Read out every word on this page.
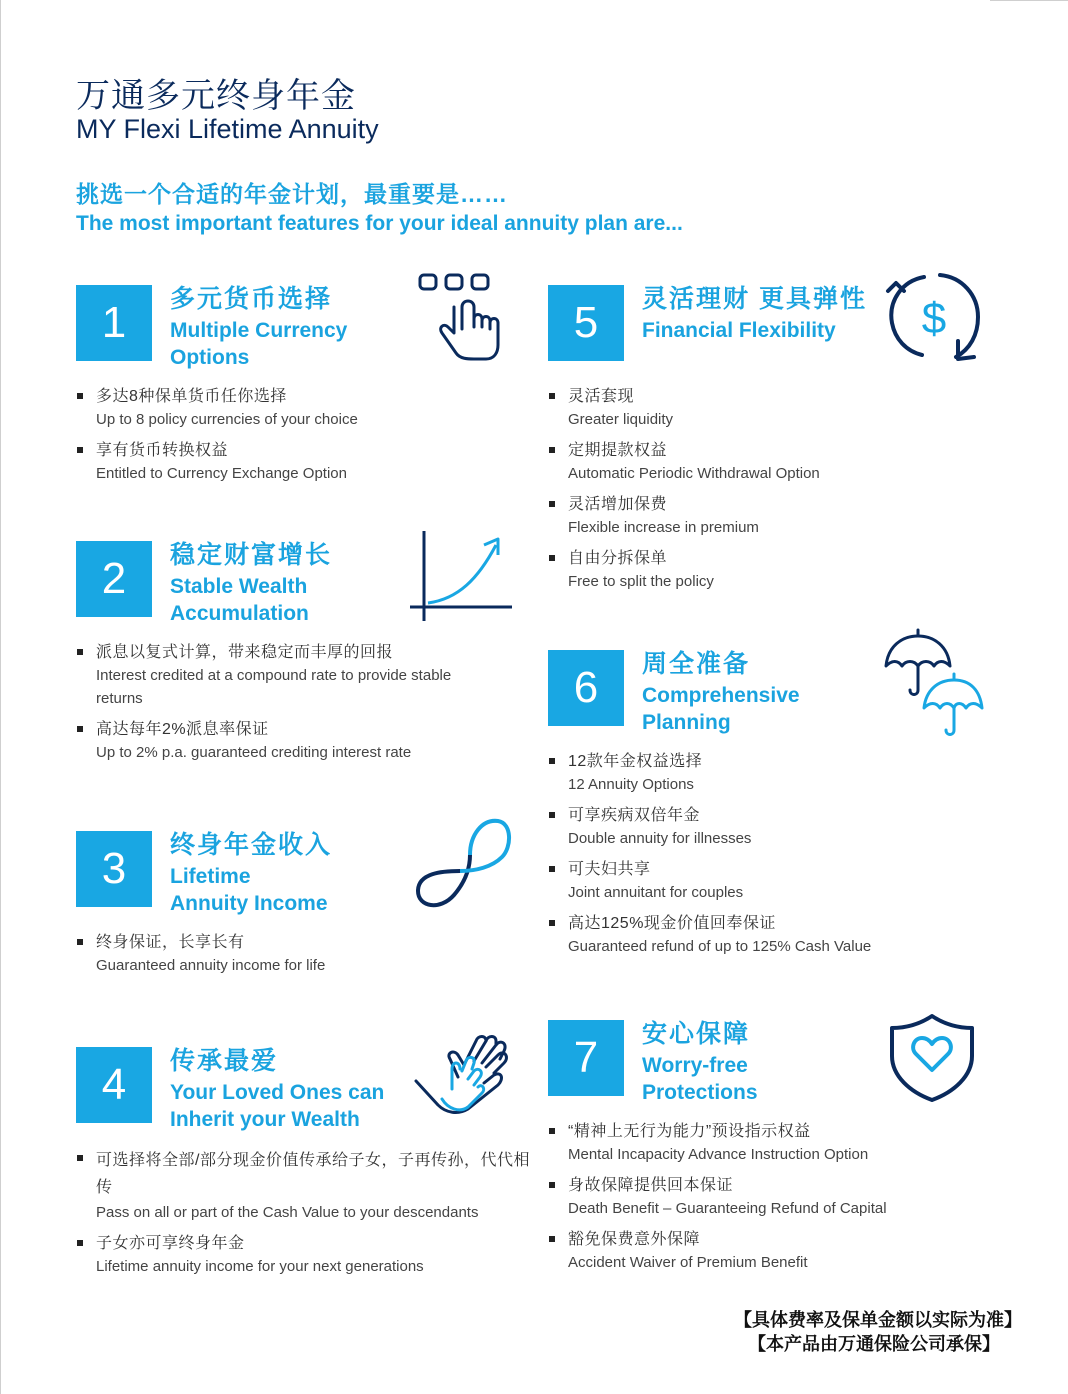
万通多元终身年金
MY Flexi Lifetime Annuity
挑选一个合适的年金计划，最重要是……
The most important features for your ideal annuity plan are...
1	多元货币选择
Multiple Currency
Options
多达8种保单货币任你选择
Up to 8 policy currencies of your choice
享有货币转换权益
Entitled to Currency Exchange Option
2	稳定财富增长
Stable Wealth
Accumulation
派息以复式计算，带来稳定而丰厚的回报
Interest credited at a compound rate to provide stable returns
高达每年2%派息率保证
Up to 2% p.a. guaranteed crediting interest rate
3	终身年金收入
Lifetime
Annuity Income
终身保证，长享长有
Guaranteed annuity income for life
4	传承最爱
Your Loved Ones can
Inherit your Wealth
可选择将全部/部分现金价值传承给子女，子再传孙，代代相传
Pass on all or part of the Cash Value to your descendants
子女亦可享终身年金
Lifetime annuity income for your next generations
5	灵活理财 更具弹性
Financial Flexibility $
灵活套现
Greater liquidity
定期提款权益
Automatic Periodic Withdrawal Option
灵活增加保费
Flexible increase in premium
自由分拆保单
Free to split the policy
6	周全准备
Comprehensive
Planning
12款年金权益选择
12 Annuity Options
可享疾病双倍年金
Double annuity for illnesses
可夫妇共享
Joint annuitant for couples
高达125%现金价值回奉保证
Guaranteed refund of up to 125% Cash Value
7	安心保障
Worry-free
Protections
“精神上无行为能力”预设指示权益
Mental Incapacity Advance Instruction Option
身故保障提供回本保证
Death Benefit – Guaranteeing Refund of Capital
豁免保费意外保障
Accident Waiver of Premium Benefit
【具体费率及保单金额以实际为准】
【本产品由万通保险公司承保】
